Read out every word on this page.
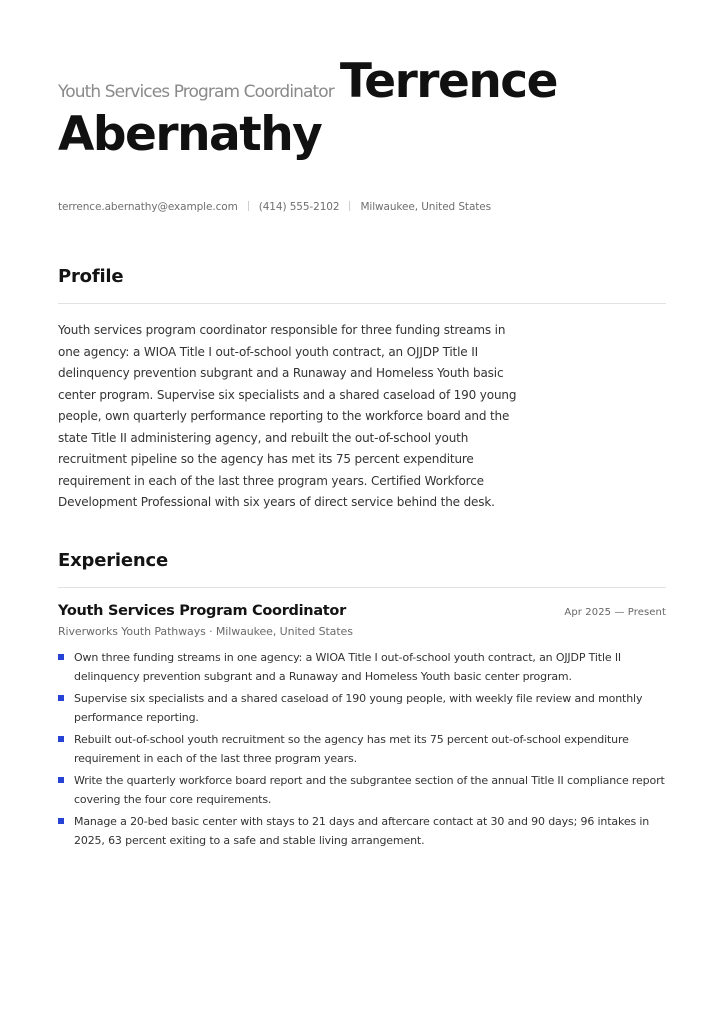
Youth Services Program Coordinator Terrence
Abernathy
terrence.abernathy@example.com (414) 555-2102 Milwaukee, United States
Profile

Youth services program coordinator responsible for three funding streams in one agency: a WIOA Title I out-of-school youth contract, an OJJDP Title II delinquency prevention subgrant and a Runaway and Homeless Youth basic center program. Supervise six specialists and a shared caseload of 190 young people, own quarterly performance reporting to the workforce board and the state Title II administering agency, and rebuilt the out-of-school youth recruitment pipeline so the agency has met its 75 percent expenditure requirement in each of the last three program years. Certified Workforce Development Professional with six years of direct service behind the desk.

Experience
Youth Services Program Coordinator	Apr 2025 — Present
Riverworks Youth Pathways · Milwaukee, United States
Own three funding streams in one agency: a WIOA Title I out-of-school youth contract, an OJJDP Title II delinquency prevention subgrant and a Runaway and Homeless Youth basic center program.
Supervise six specialists and a shared caseload of 190 young people, with weekly file review and monthly performance reporting.
Rebuilt out-of-school youth recruitment so the agency has met its 75 percent out-of-school expenditure requirement in each of the last three program years.
Write the quarterly workforce board report and the subgrantee section of the annual Title II compliance report covering the four core requirements.
Manage a 20-bed basic center with stays to 21 days and aftercare contact at 30 and 90 days; 96 intakes in 2025, 63 percent exiting to a safe and stable living arrangement.
